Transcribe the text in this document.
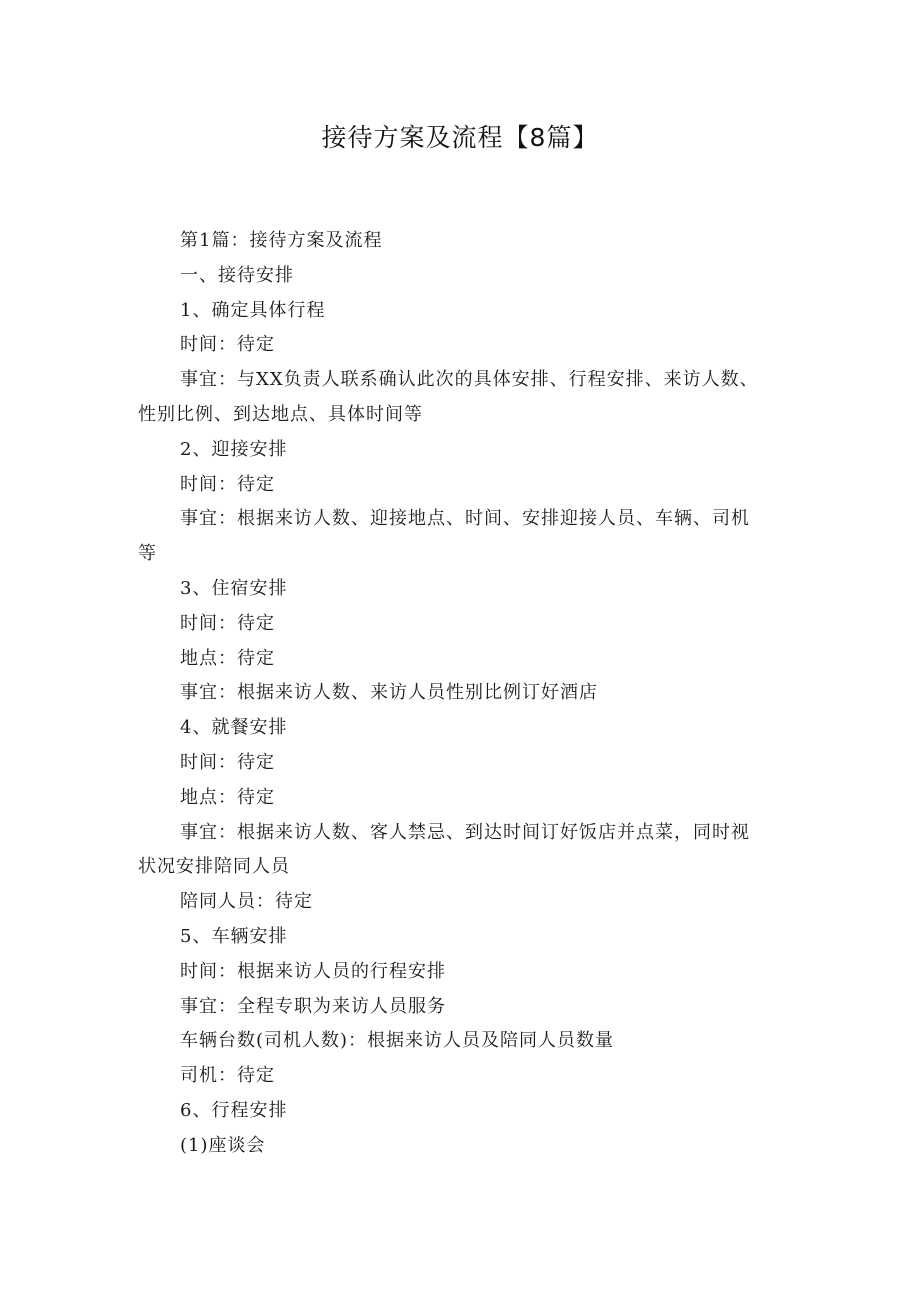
接待方案及流程【8篇】

第1篇：接待方案及流程

一、接待安排

1、确定具体行程

时间：待定

事宜：与XX负责人联系确认此次的具体安排、行程安排、来访人数、性别比例、到达地点、具体时间等

2、迎接安排

时间：待定

事宜：根据来访人数、迎接地点、时间、安排迎接人员、车辆、司机等

3、住宿安排

时间：待定

地点：待定

事宜：根据来访人数、来访人员性别比例订好酒店

4、就餐安排

时间：待定

地点：待定

事宜：根据来访人数、客人禁忌、到达时间订好饭店并点菜，同时视状况安排陪同人员

陪同人员：待定

5、车辆安排

时间：根据来访人员的行程安排

事宜：全程专职为来访人员服务

车辆台数(司机人数)：根据来访人员及陪同人员数量

司机：待定

6、行程安排

(1)座谈会
